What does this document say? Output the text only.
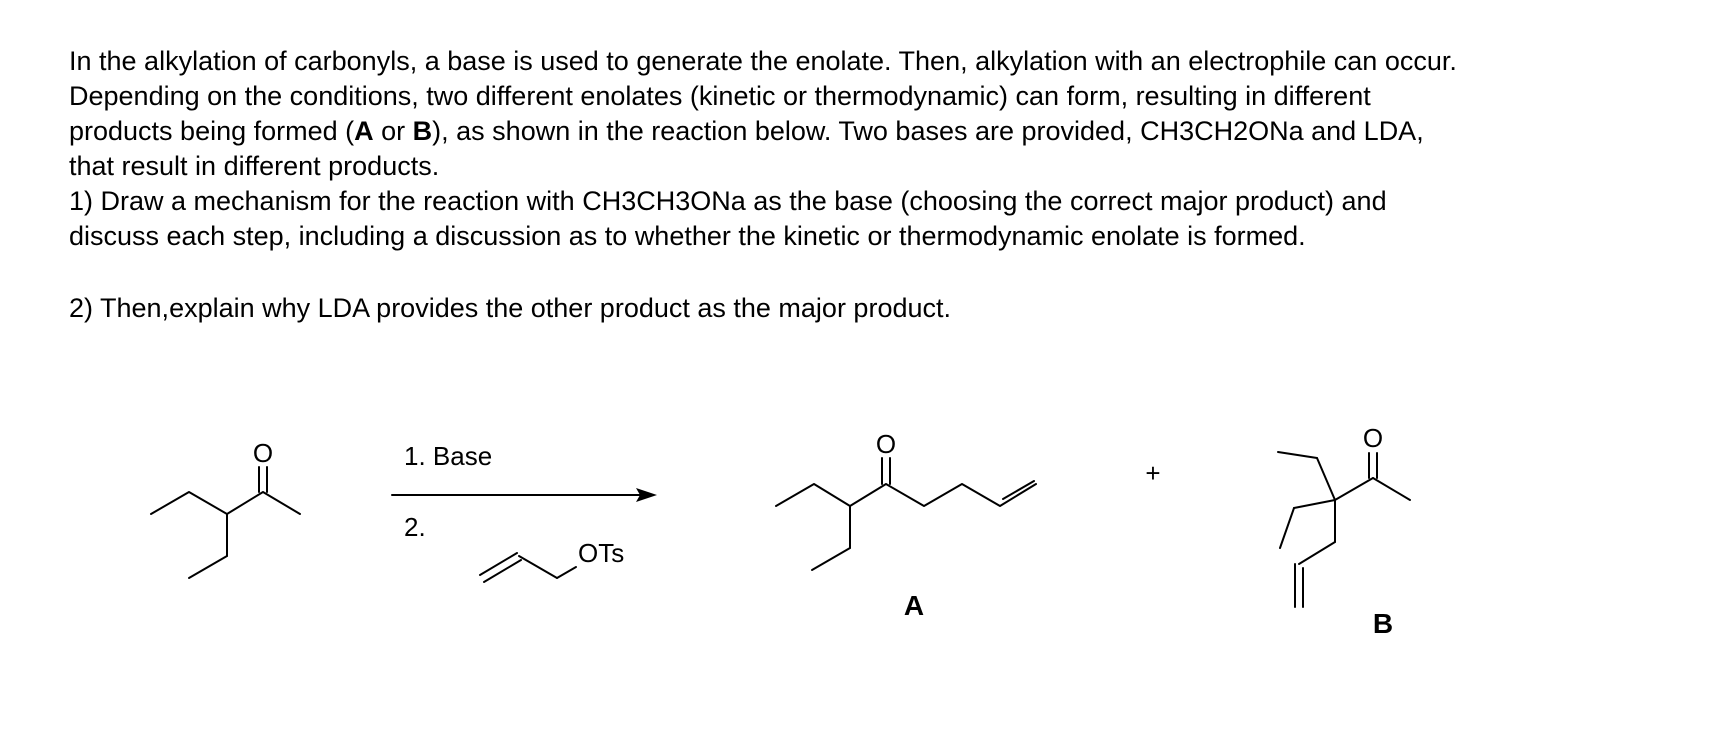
In the alkylation of carbonyls, a base is used to generate the enolate. Then, alkylation with an electrophile can occur.

Depending on the conditions, two different enolates (kinetic or thermodynamic) can form, resulting in different

products being formed (A or B), as shown in the reaction below. Two bases are provided, CH3CH2ONa and LDA,

that result in different products.

1) Draw a mechanism for the reaction with CH3CH3ONa as the base (choosing the correct major product) and

discuss each step, including a discussion as to whether the kinetic or thermodynamic enolate is formed.

2) Then,explain why LDA provides the other product as the major product.

O	1. Base
2.
OTs
O
A
+
O
B
